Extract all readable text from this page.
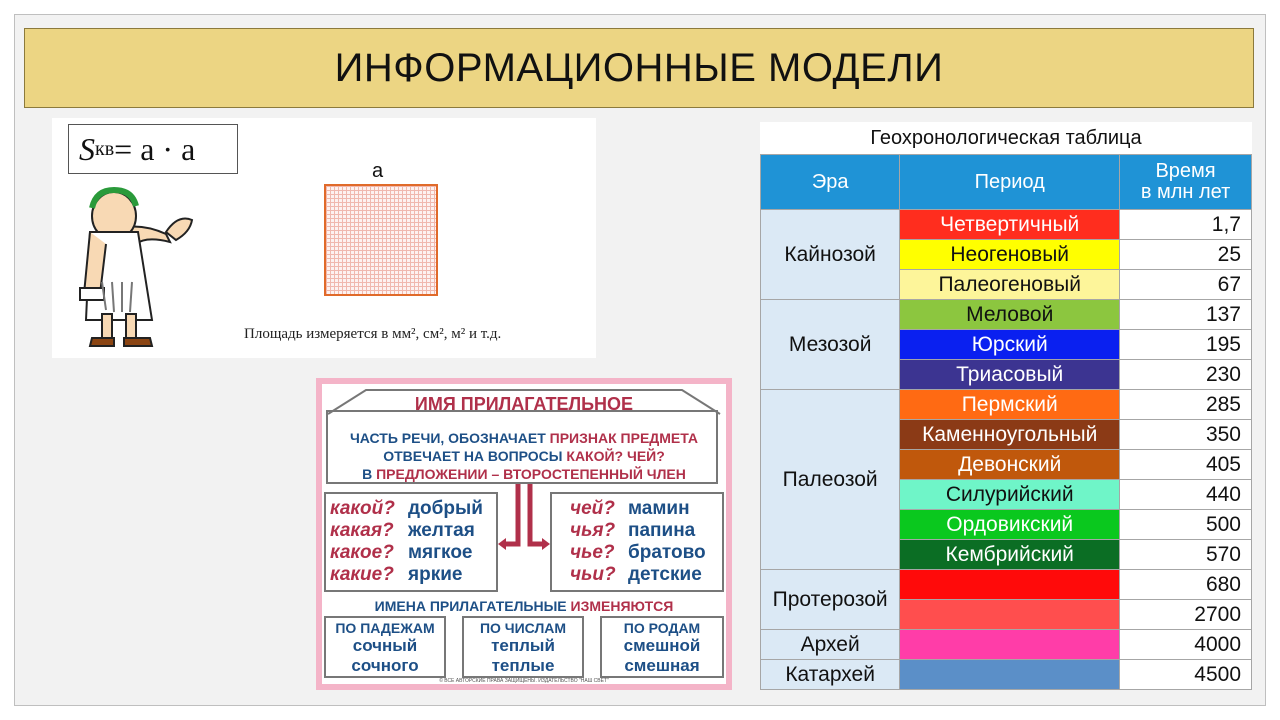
ИНФОРМАЦИОННЫЕ МОДЕЛИ
S кв = a · a
a
Площадь измеряется в мм², см², м² и т.д.
ИМЯ ПРИЛАГАТЕЛЬНОЕ
ЧАСТЬ РЕЧИ, ОБОЗНАЧАЕТ ПРИЗНАК ПРЕДМЕТА
ОТВЕЧАЕТ НА ВОПРОСЫ КАКОЙ? ЧЕЙ?
В ПРЕДЛОЖЕНИИ – ВТОРОСТЕПЕННЫЙ ЧЛЕН
какой? добрый
какая? желтая
какое? мягкое
какие? яркие
чей? мамин
чья? папина
чье? братово
чьи? детские
ИМЕНА ПРИЛАГАТЕЛЬНЫЕ ИЗМЕНЯЮТСЯ
ПО ПАДЕЖАМ
сочный
сочного
ПО ЧИСЛАМ
теплый
теплые
ПО РОДАМ
смешной
смешная
© ВСЕ АВТОРСКИЕ ПРАВА ЗАЩИЩЕНЫ. ИЗДАТЕЛЬСТВО "НАШ СВЕТ"
Геохронологическая таблица
Эра	Период	Время
в млн лет
Кайнозой	Четвертичный	1,7
	Неогеновый	25
	Палеогеновый	67
Мезозой	Меловой	137
	Юрский	195
	Триасовый	230
Палеозой	Пермский	285
	Каменноугольный	350
	Девонский	405
	Силурийский	440
	Ордовикский	500
	Кембрийский	570
Протерозой		680
		2700
Архей		4000
Катархей		4500
